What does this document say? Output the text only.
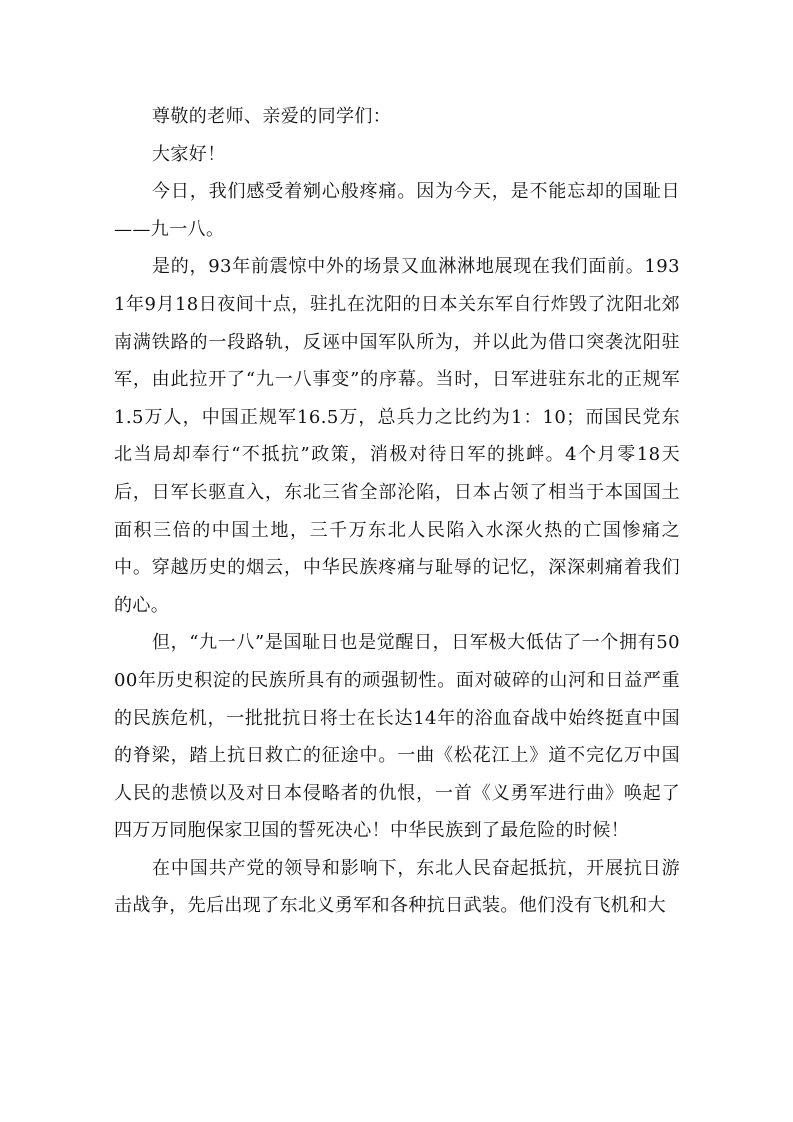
尊敬的老师、亲爱的同学们：

大家好！

今日，我们感受着剜心般疼痛。因为今天，是不能忘却的国耻日——九一八。

是的，93年前震惊中外的场景又血淋淋地展现在我们面前。1931年9月18日夜间十点，驻扎在沈阳的日本关东军自行炸毁了沈阳北郊南满铁路的一段路轨，反诬中国军队所为，并以此为借口突袭沈阳驻军，由此拉开了“九一八事变”的序幕。当时，日军进驻东北的正规军1.5万人，中国正规军16.5万，总兵力之比约为1：10；而国民党东北当局却奉行“不抵抗”政策，消极对待日军的挑衅。4个月零18天后，日军长驱直入，东北三省全部沦陷，日本占领了相当于本国国土面积三倍的中国土地，三千万东北人民陷入水深火热的亡国惨痛之中。穿越历史的烟云，中华民族疼痛与耻辱的记忆，深深刺痛着我们的心。

但，“九一八”是国耻日也是觉醒日，日军极大低估了一个拥有5000年历史积淀的民族所具有的顽强韧性。面对破碎的山河和日益严重的民族危机，一批批抗日将士在长达14年的浴血奋战中始终挺直中国的脊梁，踏上抗日救亡的征途中。一曲《松花江上》道不完亿万中国人民的悲愤以及对日本侵略者的仇恨，一首《义勇军进行曲》唤起了四万万同胞保家卫国的誓死决心！中华民族到了最危险的时候！

在中国共产党的领导和影响下，东北人民奋起抵抗，开展抗日游击战争，先后出现了东北义勇军和各种抗日武装。他们没有飞机和大
